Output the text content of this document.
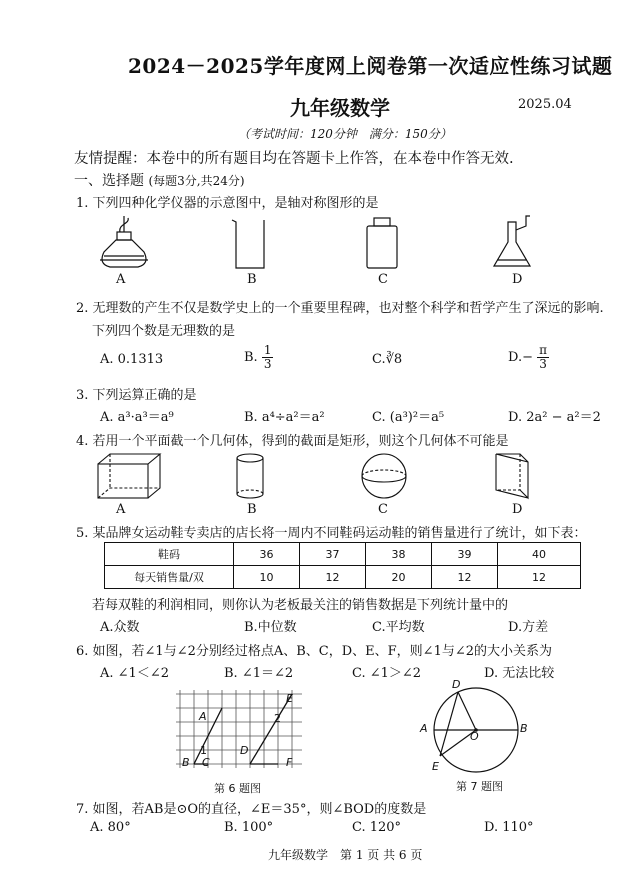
2024－2025学年度网上阅卷第一次适应性练习试题
九年级数学	2025.04
（考试时间：120分钟　满分：150分）
友情提醒：本卷中的所有题目均在答题卡上作答，在本卷中作答无效.
一、选择题 (每题3分,共24分)
1. 下列四种化学仪器的示意图中，是轴对称图形的是
A	B	C	D
2. 无理数的产生不仅是数学史上的一个重要里程碑，也对整个科学和哲学产生了深远的影响.
下列四个数是无理数的是
A. 0.1313	B. $\frac{1}{3}$	C.∛8	$D.- \frac{\pi}{3}$
3. 下列运算正确的是
A. a³·a³＝a⁹	B. a⁴÷a²＝a²	C. (a³)²＝a⁵	D. 2a² − a²＝2
4. 若用一个平面截一个几何体，得到的截面是矩形，则这个几何体不可能是
A	B	C	D
5. 某品牌女运动鞋专卖店的店长将一周内不同鞋码运动鞋的销售量进行了统计，如下表：
鞋码	36	37	38	39	40
每天销售量/双	10	12	20	12	12
若每双鞋的利润相同，则你认为老板最关注的销售数据是下列统计量中的
A.众数	B.中位数	C.平均数	D.方差
6. 如图，若∠1与∠2分别经过格点A、B、C，D、E、F，则∠1与∠2的大小关系为
A. ∠1＜∠2	B. ∠1＝∠2	C. ∠1＞∠2	D. 无法比较
A
B C
D
E
F
1
2
第 6 题图
D
A	B
O
E
第 7 题图
7. 如图，若AB是⊙O的直径，∠E＝35°，则∠BOD的度数是
A. 80°	B. 100°	C. 120°	D. 110°
九年级数学　第 1 页 共 6 页
